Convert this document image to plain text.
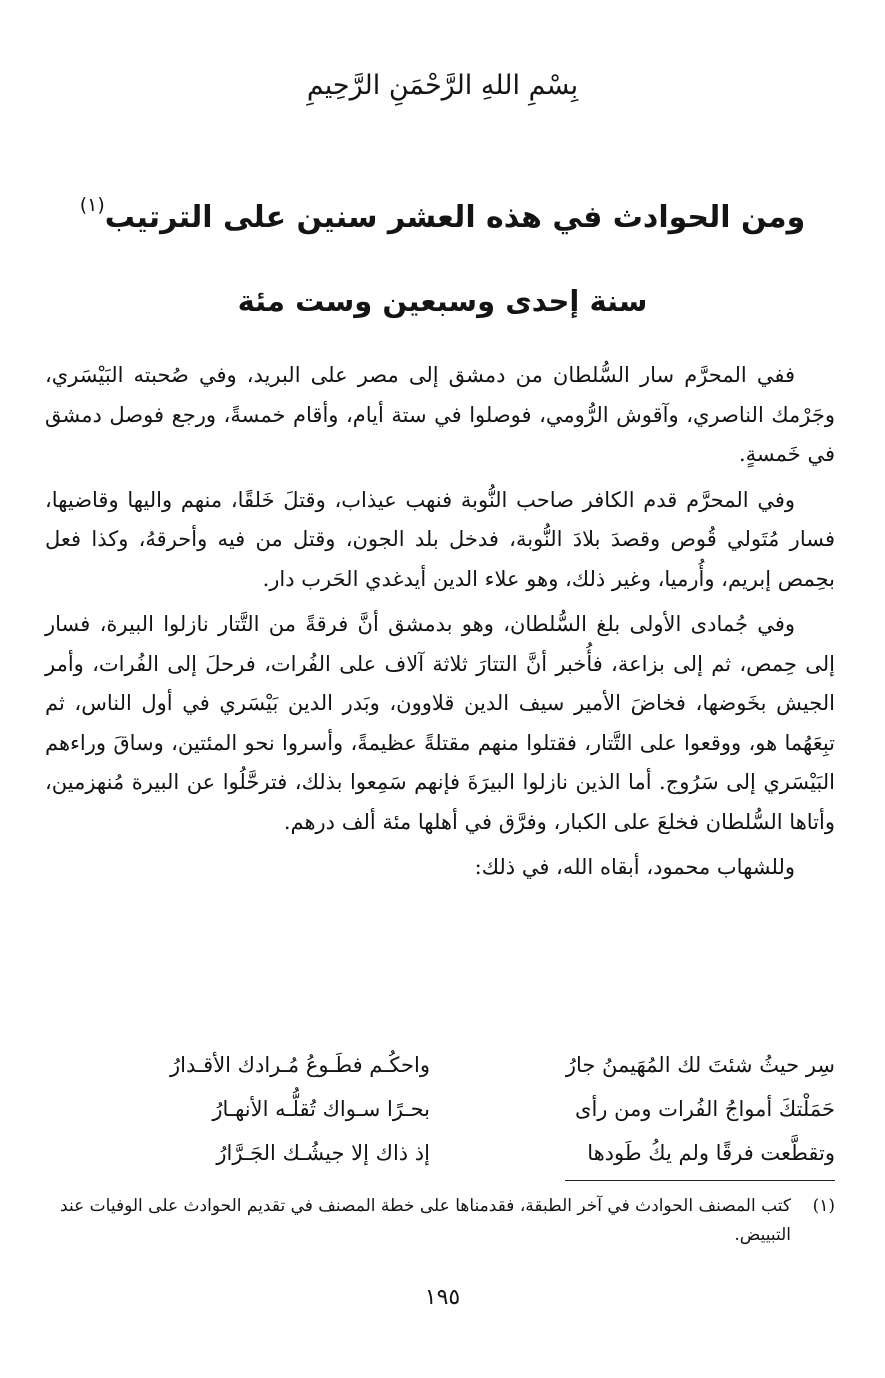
بِسْمِ اللهِ الرَّحْمَنِ الرَّحِيمِ
ومن الحوادث في هذه العشر سنين على الترتيب$^{(١)}$
سنة إحدى وسبعين وست مئة

ففي المحرَّم سار السُّلطان من دمشق إلى مصر على البريد، وفي صُحبته البَيْسَري، وجَرْمك الناصري، وآقوش الرُّومي، فوصلوا في ستة أيام، وأقام خمسةً، ورجع فوصل دمشق في خَمسةٍ.

وفي المحرَّم قدم الكافر صاحب النُّوبة فنهب عيذاب، وقتلَ خَلقًا، منهم واليها وقاضيها، فسار مُتَولي قُوص وقصدَ بلادَ النُّوبة، فدخل بلد الجون، وقتل من فيه وأحرقهُ، وكذا فعل بحِمص إبريم، وأُرميا، وغير ذلك، وهو علاء الدين أيدغدي الحَرب دار.

وفي جُمادى الأولى بلغ السُّلطان، وهو بدمشق أنَّ فرقةً من التَّتار نازلوا البيرة، فسار إلى حِمص، ثم إلى بزاعة، فأُخبر أنَّ التتارَ ثلاثة آلاف على الفُرات، فرحلَ إلى الفُرات، وأمر الجيش بخَوضها، فخاضَ الأمير سيف الدين قلاوون، وبَدر الدين بَيْسَري في أول الناس، ثم تبِعَهُما هو، ووقعوا على التَّتار، فقتلوا منهم مقتلةً عظيمةً، وأسروا نحو المئتين، وساقَ وراءهم البَيْسَري إلى سَرُوج. أما الذين نازلوا البيرَةَ فإنهم سَمِعوا بذلك، فترحَّلُوا عن البيرة مُنهزمين، وأتاها السُّلطان فخلعَ على الكبار، وفرَّق في أهلها مئة ألف درهم.

وللشهاب محمود، أبقاه الله، في ذلك:

سِر حيثُ شئتَ لك المُهَيمنُ جارُ
واحكُـم فطَـوعُ مُـرادك الأقـدارُ
حَمَلْتكَ أمواجُ الفُرات ومن رأى
بحـرًا سـواك تُقلُّـه الأنهـارُ
وتقطَّعت فرقًا ولم يكُ طَودها
إذ ذاك إلا جيشُـك الجَـرَّارُ
(١)
كتب المصنف الحوادث في آخر الطبقة، فقدمناها على خطة المصنف في تقديم الحوادث على الوفيات عند التبييض.
١٩٥
